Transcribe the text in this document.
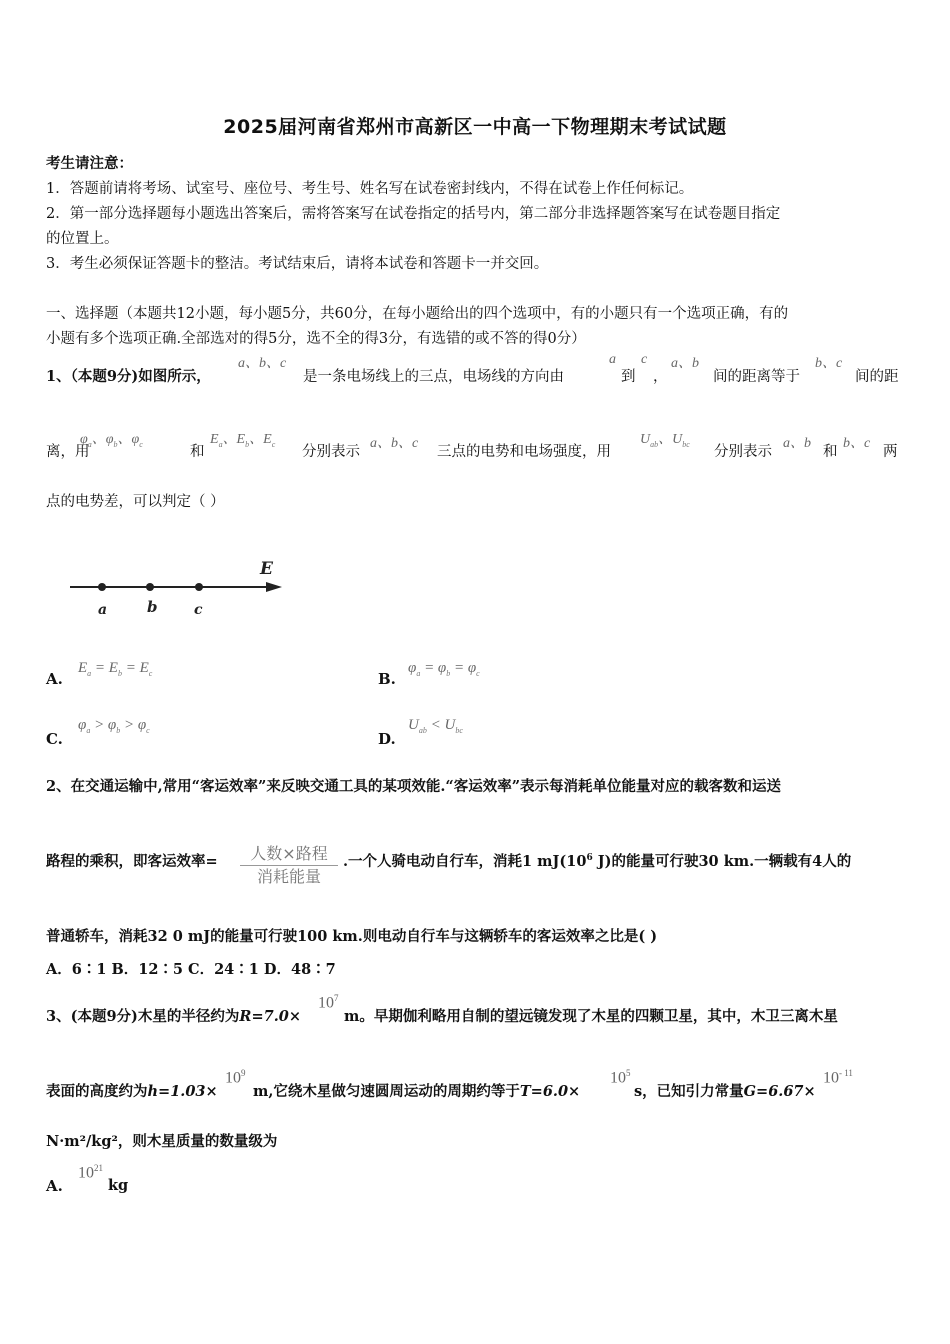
2025届河南省郑州市高新区一中高一下物理期末考试试题
考生请注意：
1．答题前请将考场、试室号、座位号、考生号、姓名写在试卷密封线内，不得在试卷上作任何标记。
2．第一部分选择题每小题选出答案后，需将答案写在试卷指定的括号内，第二部分非选择题答案写在试卷题目指定
的位置上。
3．考生必须保证答题卡的整洁。考试结束后，请将本试卷和答题卡一并交回。
一、选择题（本题共12小题，每小题5分，共60分，在每小题给出的四个选项中，有的小题只有一个选项正确，有的
小题有多个选项正确.全部选对的得5分，选不全的得3分，有选错的或不答的得0分）
1、（本题9分)如图所示，
a、b、c
是一条电场线上的三点，电场线的方向由
a
到
c
，
a、b
间的距离等于
b、c
间的距
离，用
$\varphi_a$、$\varphi_b$、$\varphi_c$	和
$E_a$、$E_b$、$E_c$ 分别表示
a、b、c
三点的电势和电场强度，用
$U_{ab}$、$U_{bc}$ 分别表示
a、b
和
b、c
两
点的电势差，可以判定（ ）
E
a	b	c
A.
$E_a = E_b = E_c$	B.
$\varphi_a = \varphi_b = \varphi_c$
C.
$\varphi_a > \varphi_b > \varphi_c$	D.
$U_{ab} < U_{bc}$
2、在交通运输中,常用“客运效率”来反映交通工具的某项效能.“客运效率”表示每消耗单位能量对应的载客数和运送
路程的乘积，即客运效率=	人数×路程
消耗能量
.一个人骑电动自行车，消耗1 $mJ(10^6$ J)的能量可行驶30 km.一辆载有4人的
普通轿车，消耗32 0 mJ的能量可行驶100 km.则电动自行车与这辆轿车的客运效率之比是( )
A．6∶1 B．12∶5 C．24∶1 D．48∶7
3、(本题9分)木星的半径约为R=7.0×
$10^7$
m。早期伽利略用自制的望远镜发现了木星的四颗卫星，其中，木卫三离木星
表面的高度约为h=1.03×
$10^9$
m,它绕木星做匀速圆周运动的周期约等于T=6.0×
$10^5$
s，已知引力常量G=6.67×
$10^{- 11}$
N·m²/kg²，则木星质量的数量级为
A.
$10^{21}$
kg
